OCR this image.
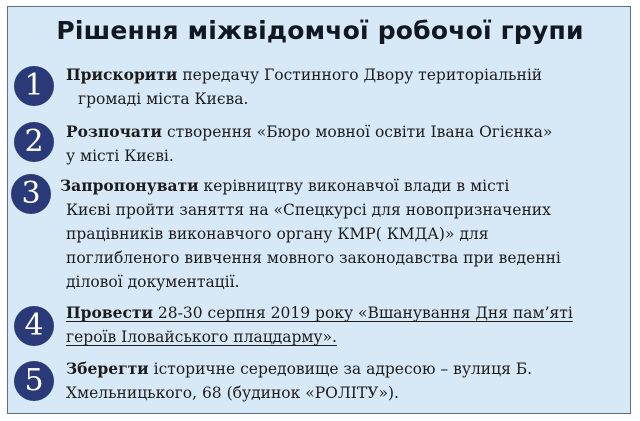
Рішення міжвідомчої робочої групи
1	Прискорити передачу Гостинного Двору територіальній
громаді міста Києва.
2	Розпочати створення «Бюро мовної освіти Івана Огієнка»
у місті Києві.
3	Запропонувати керівництву виконавчої влади в місті
Києві пройти заняття на «Спецкурсі для новопризначених
працівників виконавчого органу КМР( КМДА)» для
поглибленого вивчення мовного законодавства при веденні
ділової документації.
4	Провести 28-30 серпня 2019 року «Вшанування Дня пам’яті
героїв Іловайського плацдарму».
5	Зберегти історичне середовище за адресою – вулиця Б.
Хмельницького, 68 (будинок «РОЛІТУ»).
